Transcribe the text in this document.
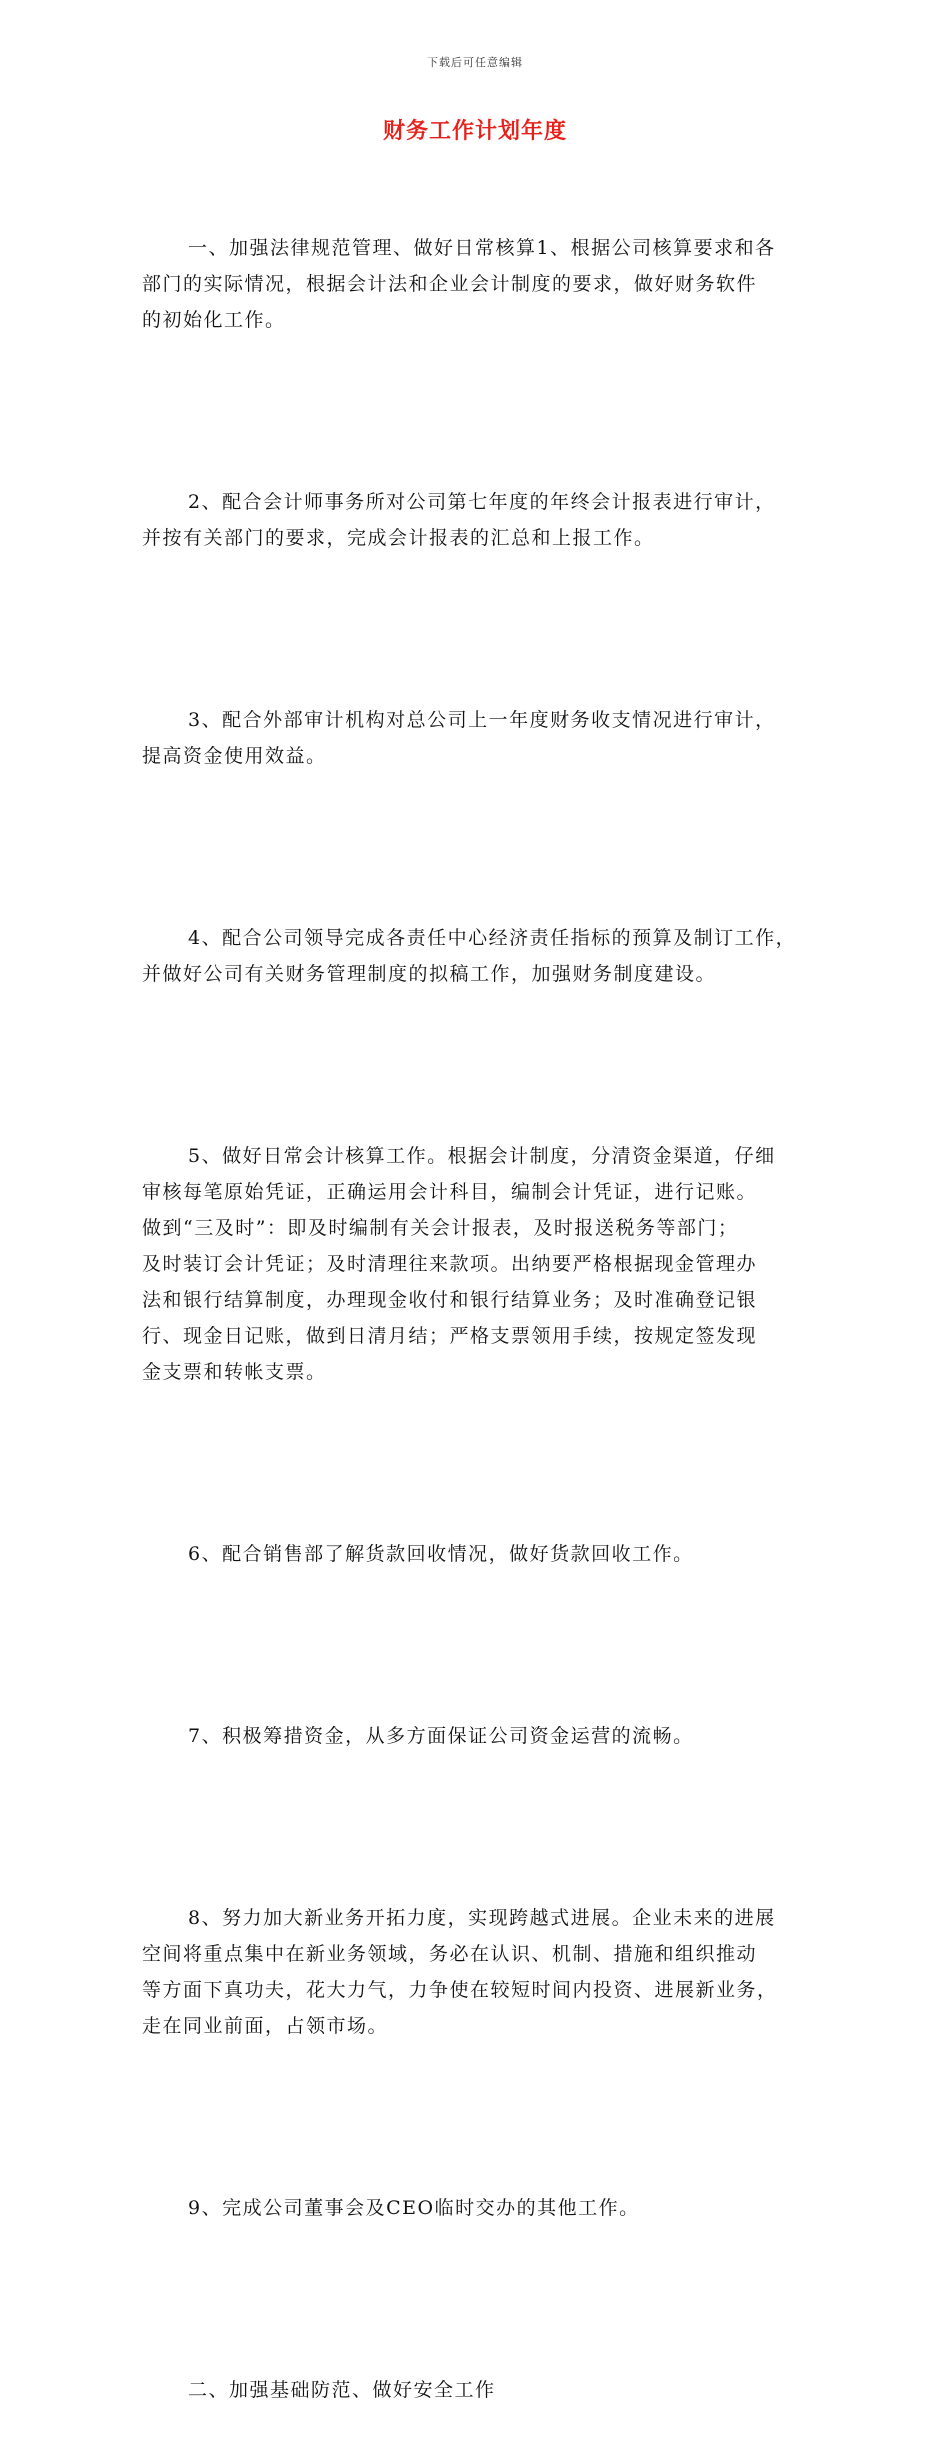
下载后可任意编辑
财务工作计划年度

一、加强法律规范管理、做好日常核算1、根据公司核算要求和各
部门的实际情况，根据会计法和企业会计制度的要求，做好财务软件
的初始化工作。

2、配合会计师事务所对公司第七年度的年终会计报表进行审计，
并按有关部门的要求，完成会计报表的汇总和上报工作。

3、配合外部审计机构对总公司上一年度财务收支情况进行审计，
提高资金使用效益。

4、配合公司领导完成各责任中心经济责任指标的预算及制订工作，
并做好公司有关财务管理制度的拟稿工作，加强财务制度建设。

5、做好日常会计核算工作。根据会计制度，分清资金渠道，仔细
审核每笔原始凭证，正确运用会计科目，编制会计凭证，进行记账。
做到“三及时”：即及时编制有关会计报表，及时报送税务等部门；
及时装订会计凭证；及时清理往来款项。出纳要严格根据现金管理办
法和银行结算制度，办理现金收付和银行结算业务；及时准确登记银
行、现金日记账，做到日清月结；严格支票领用手续，按规定签发现
金支票和转帐支票。

6、配合销售部了解货款回收情况，做好货款回收工作。

7、积极筹措资金，从多方面保证公司资金运营的流畅。

8、努力加大新业务开拓力度，实现跨越式进展。企业未来的进展
空间将重点集中在新业务领域，务必在认识、机制、措施和组织推动
等方面下真功夫，花大力气，力争使在较短时间内投资、进展新业务，
走在同业前面，占领市场。

9、完成公司董事会及CEO临时交办的其他工作。

二、加强基础防范、做好安全工作
